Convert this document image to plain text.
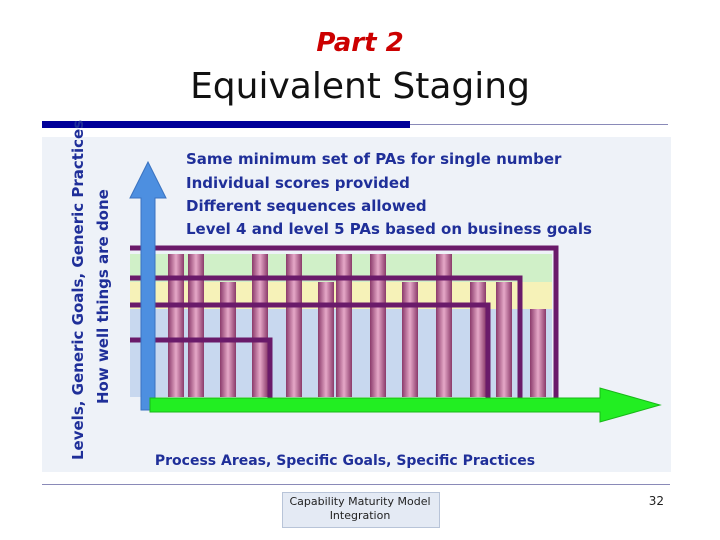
Part 2
Equivalent Staging
Levels, Generic Goals, Generic Practices How well things are done
Same minimum set of PAs for single number
Individual scores provided
Different sequences allowed
Level 4 and level 5 PAs based on business goals
Process Areas, Specific Goals, Specific Practices
Capability Maturity Model Integration
32
